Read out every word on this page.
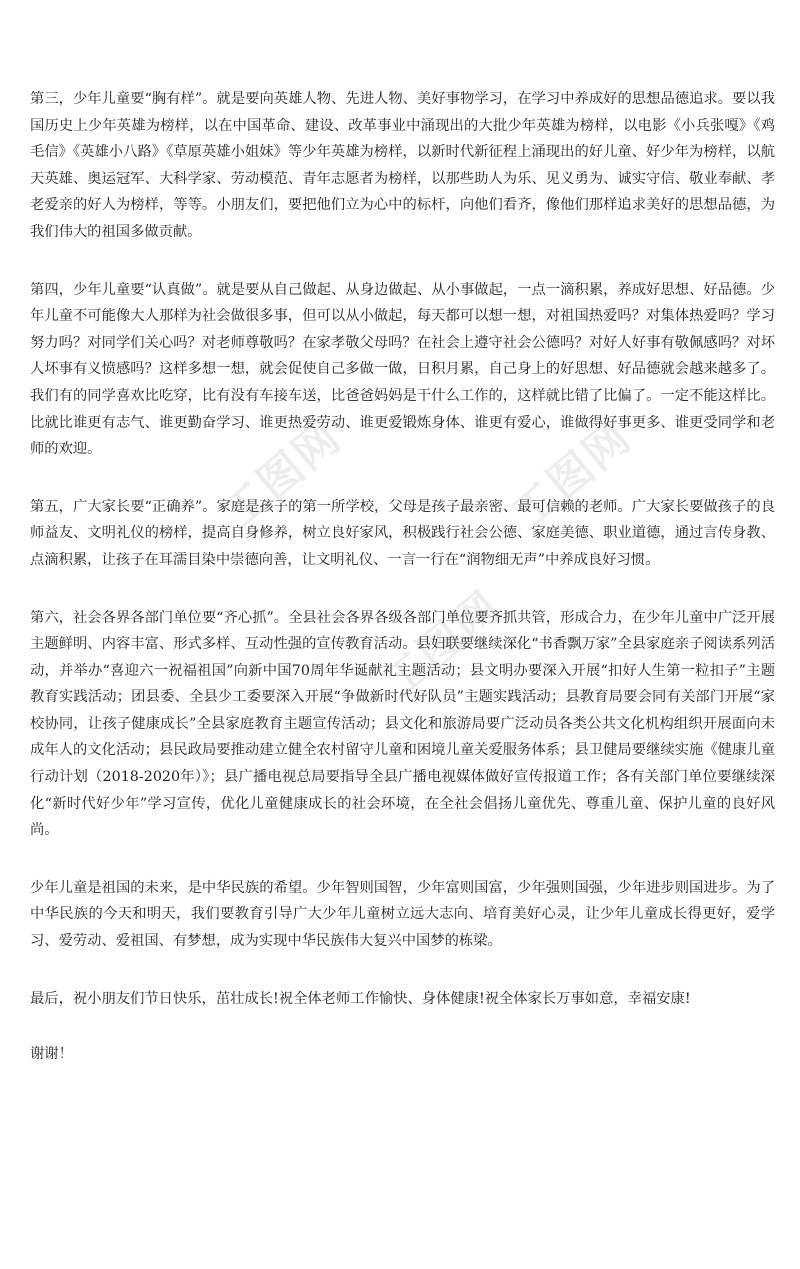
工图网	工图网
工图网

第三，少年儿童要“胸有样”。就是要向英雄人物、先进人物、美好事物学习，在学习中养成好的思想品德追求。要以我国历史上少年英雄为榜样，以在中国革命、建设、改革事业中涌现出的大批少年英雄为榜样，以电影《小兵张嘎》《鸡毛信》《英雄小八路》《草原英雄小姐妹》等少年英雄为榜样，以新时代新征程上涌现出的好儿童、好少年为榜样，以航天英雄、奥运冠军、大科学家、劳动模范、青年志愿者为榜样，以那些助人为乐、见义勇为、诚实守信、敬业奉献、孝老爱亲的好人为榜样，等等。小朋友们，要把他们立为心中的标杆，向他们看齐，像他们那样追求美好的思想品德，为我们伟大的祖国多做贡献。

第四，少年儿童要“认真做”。就是要从自己做起、从身边做起、从小事做起，一点一滴积累，养成好思想、好品德。少年儿童不可能像大人那样为社会做很多事，但可以从小做起，每天都可以想一想，对祖国热爱吗？对集体热爱吗？学习努力吗？对同学们关心吗？对老师尊敬吗？在家孝敬父母吗？在社会上遵守社会公德吗？对好人好事有敬佩感吗？对坏人坏事有义愤感吗？这样多想一想，就会促使自己多做一做，日积月累，自己身上的好思想、好品德就会越来越多了。我们有的同学喜欢比吃穿，比有没有车接车送，比爸爸妈妈是干什么工作的，这样就比错了比偏了。一定不能这样比。比就比谁更有志气、谁更勤奋学习、谁更热爱劳动、谁更爱锻炼身体、谁更有爱心，谁做得好事更多、谁更受同学和老师的欢迎。

第五，广大家长要“正确养”。家庭是孩子的第一所学校，父母是孩子最亲密、最可信赖的老师。广大家长要做孩子的良师益友、文明礼仪的榜样，提高自身修养，树立良好家风，积极践行社会公德、家庭美德、职业道德，通过言传身教、点滴积累，让孩子在耳濡目染中崇德向善，让文明礼仪、一言一行在“润物细无声”中养成良好习惯。

第六，社会各界各部门单位要“齐心抓”。全县社会各界各级各部门单位要齐抓共管，形成合力，在少年儿童中广泛开展主题鲜明、内容丰富、形式多样、互动性强的宣传教育活动。县妇联要继续深化“书香飘万家”全县家庭亲子阅读系列活动，并举办“喜迎六一祝福祖国”向新中国70周年华诞献礼主题活动；县文明办要深入开展“扣好人生第一粒扣子”主题教育实践活动；团县委、全县少工委要深入开展“争做新时代好队员”主题实践活动；县教育局要会同有关部门开展“家校协同，让孩子健康成长”全县家庭教育主题宣传活动；县文化和旅游局要广泛动员各类公共文化机构组织开展面向未成年人的文化活动；县民政局要推动建立健全农村留守儿童和困境儿童关爱服务体系；县卫健局要继续实施《健康儿童行动计划（2018-2020年）》；县广播电视总局要指导全县广播电视媒体做好宣传报道工作；各有关部门单位要继续深化“新时代好少年”学习宣传，优化儿童健康成长的社会环境，在全社会倡扬儿童优先、尊重儿童、保护儿童的良好风尚。

少年儿童是祖国的未来，是中华民族的希望。少年智则国智，少年富则国富，少年强则国强，少年进步则国进步。为了中华民族的今天和明天，我们要教育引导广大少年儿童树立远大志向、培育美好心灵，让少年儿童成长得更好，爱学习、爱劳动、爱祖国、有梦想，成为实现中华民族伟大复兴中国梦的栋梁。

最后，祝小朋友们节日快乐，茁壮成长!祝全体老师工作愉快、身体健康!祝全体家长万事如意，幸福安康!

谢谢！
